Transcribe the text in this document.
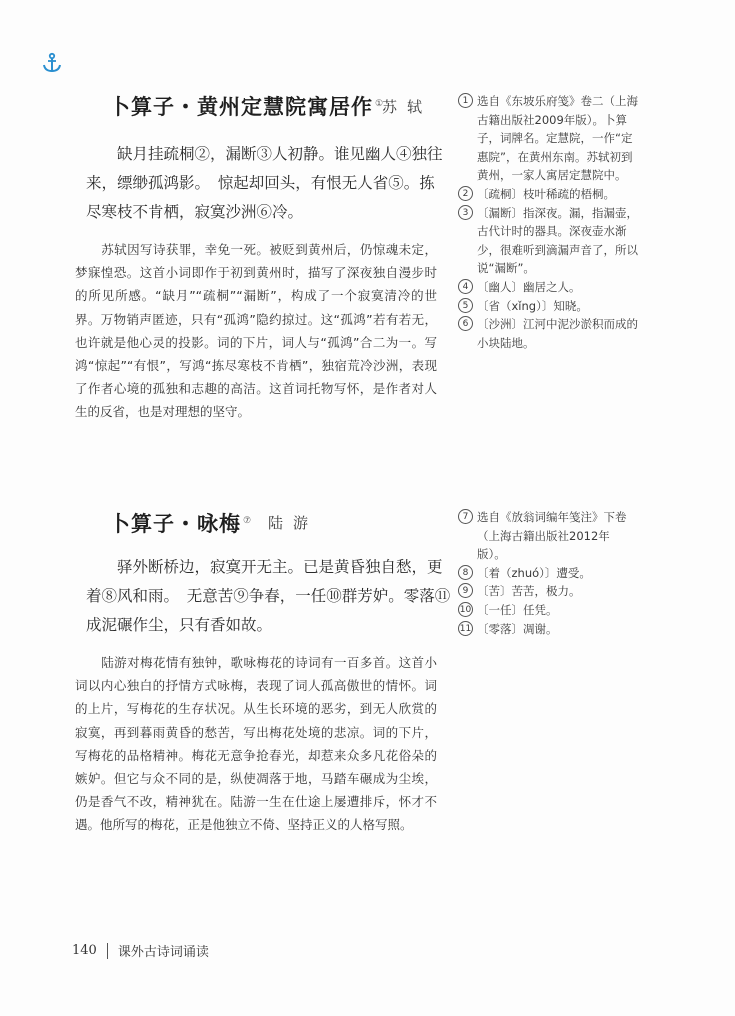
卜算子・黄州定慧院寓居作 ①
苏轼

缺月挂疏桐②，漏断③人初静。谁见幽人④独往

来，缥缈孤鸿影。　惊起却回头，有恨无人省⑤。拣

尽寒枝不肯栖，寂寞沙洲⑥冷。

苏轼因写诗获罪，幸免一死。被贬到黄州后，仍惊魂未定，梦寐惶恐。这首小词即作于初到黄州时，描写了深夜独自漫步时的所见所感。“缺月”“疏桐”“漏断”，构成了一个寂寞清冷的世界。万物销声匿迹，只有“孤鸿”隐约掠过。这“孤鸿”若有若无，也许就是他心灵的投影。词的下片，词人与“孤鸿”合二为一。写鸿“惊起”“有恨”，写鸿“拣尽寒枝不肯栖”，独宿荒冷沙洲，表现了作者心境的孤独和志趣的高洁。这首词托物写怀，是作者对人生的反省，也是对理想的坚守。

1 选自《东坡乐府笺》卷二（上海古籍出版社2009年版）。卜算子，词牌名。定慧院，一作“定惠院”，在黄州东南。苏轼初到黄州，一家人寓居定慧院中。
2 〔疏桐〕枝叶稀疏的梧桐。
3 〔漏断〕指深夜。漏，指漏壶，古代计时的器具。深夜壶水渐少，很难听到滴漏声音了，所以说“漏断”。
4 〔幽人〕幽居之人。
5 〔省（xǐng）〕知晓。
6 〔沙洲〕江河中泥沙淤积而成的小块陆地。
卜算子・咏梅 ⑦ 陆游

驿外断桥边，寂寞开无主。已是黄昏独自愁，更

着⑧风和雨。　无意苦⑨争春，一任⑩群芳妒。零落⑪

成泥碾作尘，只有香如故。

陆游对梅花情有独钟，歌咏梅花的诗词有一百多首。这首小词以内心独白的抒情方式咏梅，表现了词人孤高傲世的情怀。词的上片，写梅花的生存状况。从生长环境的恶劣，到无人欣赏的寂寞，再到暮雨黄昏的愁苦，写出梅花处境的悲凉。词的下片，写梅花的品格精神。梅花无意争抢春光，却惹来众多凡花俗朵的嫉妒。但它与众不同的是，纵使凋落于地，马踏车碾成为尘埃，仍是香气不改，精神犹在。陆游一生在仕途上屡遭排斥，怀才不遇。他所写的梅花，正是他独立不倚、坚持正义的人格写照。

7 选自《放翁词编年笺注》下卷（上海古籍出版社2012年版）。
8 〔着（zhuó）〕遭受。
9 〔苦〕苦苦，极力。
10 〔一任〕任凭。
11 〔零落〕凋谢。
140 课外古诗词诵读
